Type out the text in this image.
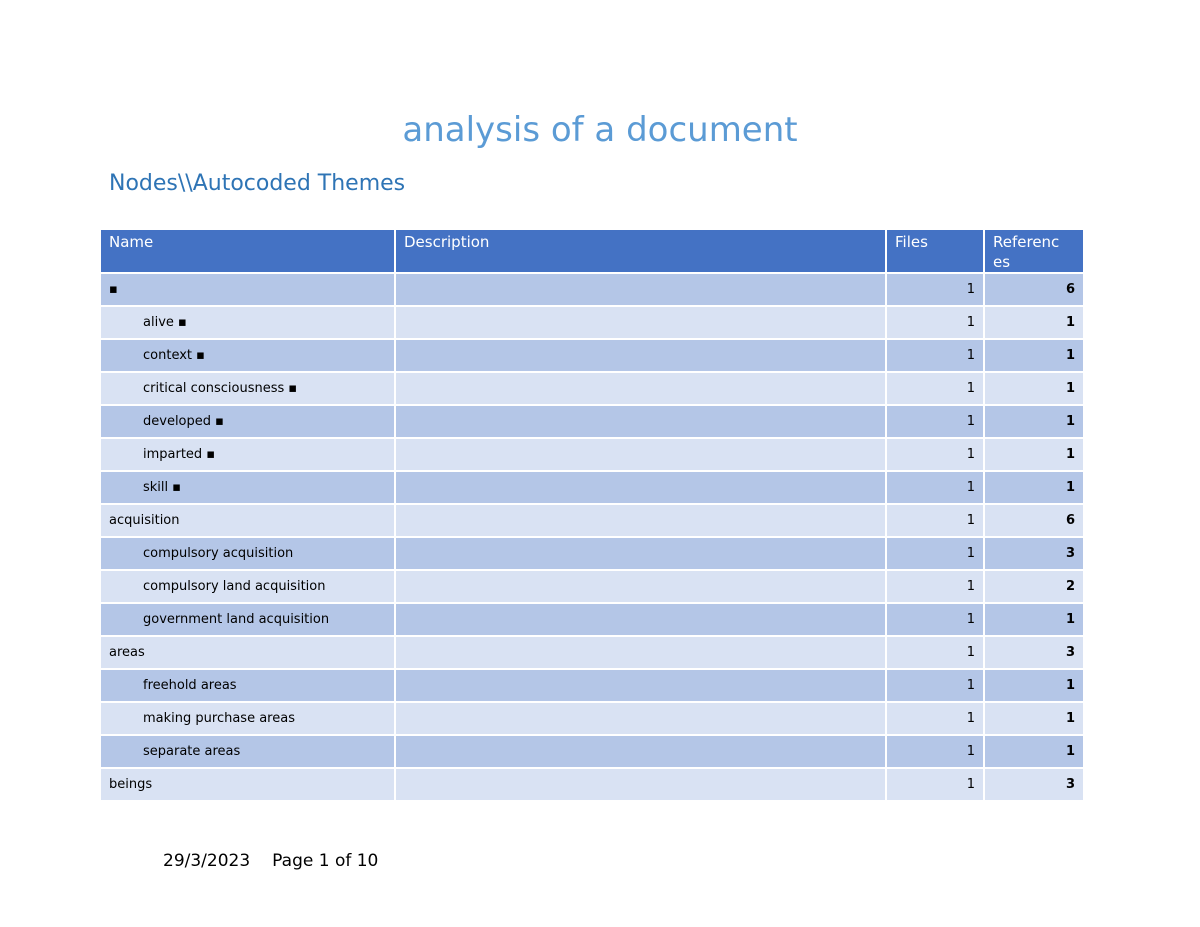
analysis of a document
Nodes\\Autocoded Themes
Name	Description	Files	Referenc es
▪		1	6
alive ▪		1	1
context ▪		1	1
critical consciousness ▪		1	1
developed ▪		1	1
imparted ▪		1	1
skill ▪		1	1
acquisition		1	6
compulsory acquisition		1	3
compulsory land acquisition		1	2
government land acquisition		1	1
areas		1	3
freehold areas		1	1
making purchase areas		1	1
separate areas		1	1
beings		1	3
29/3/2023 Page 1 of 10
